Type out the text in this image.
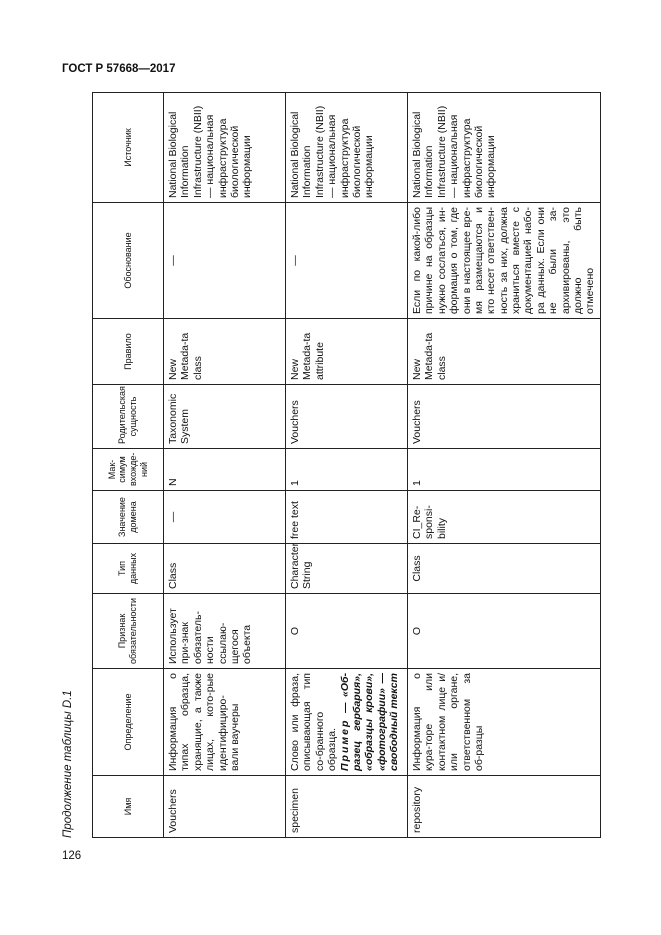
ГОСТ Р 57668—2017
Продолжение таблицы D.1
126
Имя	Определение	Признак обязательности	Тип данных	Значение домена	Мак-симум вхожде-ний	Родительская сущность	Правило	Обоснование	Источник
Vouchers	Информация о типах образца, хранящие, а также лицах, кото-рые идентифициро-вали ваучеры	Использует при-знак обязатель-ности ссылаю-щегося объекта	Class	—	N	Taxonomic System	New Metada-ta class	—	National Biological Information Infrastructure (NBII) — национальная инфраструктура биологической информации
specimen	Слово или фраза, описывающая тип со-бранного образца. Пример — «Об-разец гербария», «образцы крови», «фотографии» — свободный текст	O	Character String	free text	1	Vouchers	New Metada-ta attribute	—	National Biological Information Infrastructure (NBII) — национальная инфраструктура биологической информации
repository	Информация о кура-торе или контактном лице и/или органе, ответственном за об-разцы	O	Class	CI_Re-sponsi-bility	1	Vouchers	New Metada-ta class	Если по какой-либо причине на образцы нужно сослаться, ин-формация о том, где они в настоящее вре-мя размещаются и кто несет ответствен-ность за них, должна храниться вместе с документацией набо-ра данных. Если они не были за-архивированы, это должно быть отмечено	National Biological Information Infrastructure (NBII) — национальная инфраструктура биологической информации
